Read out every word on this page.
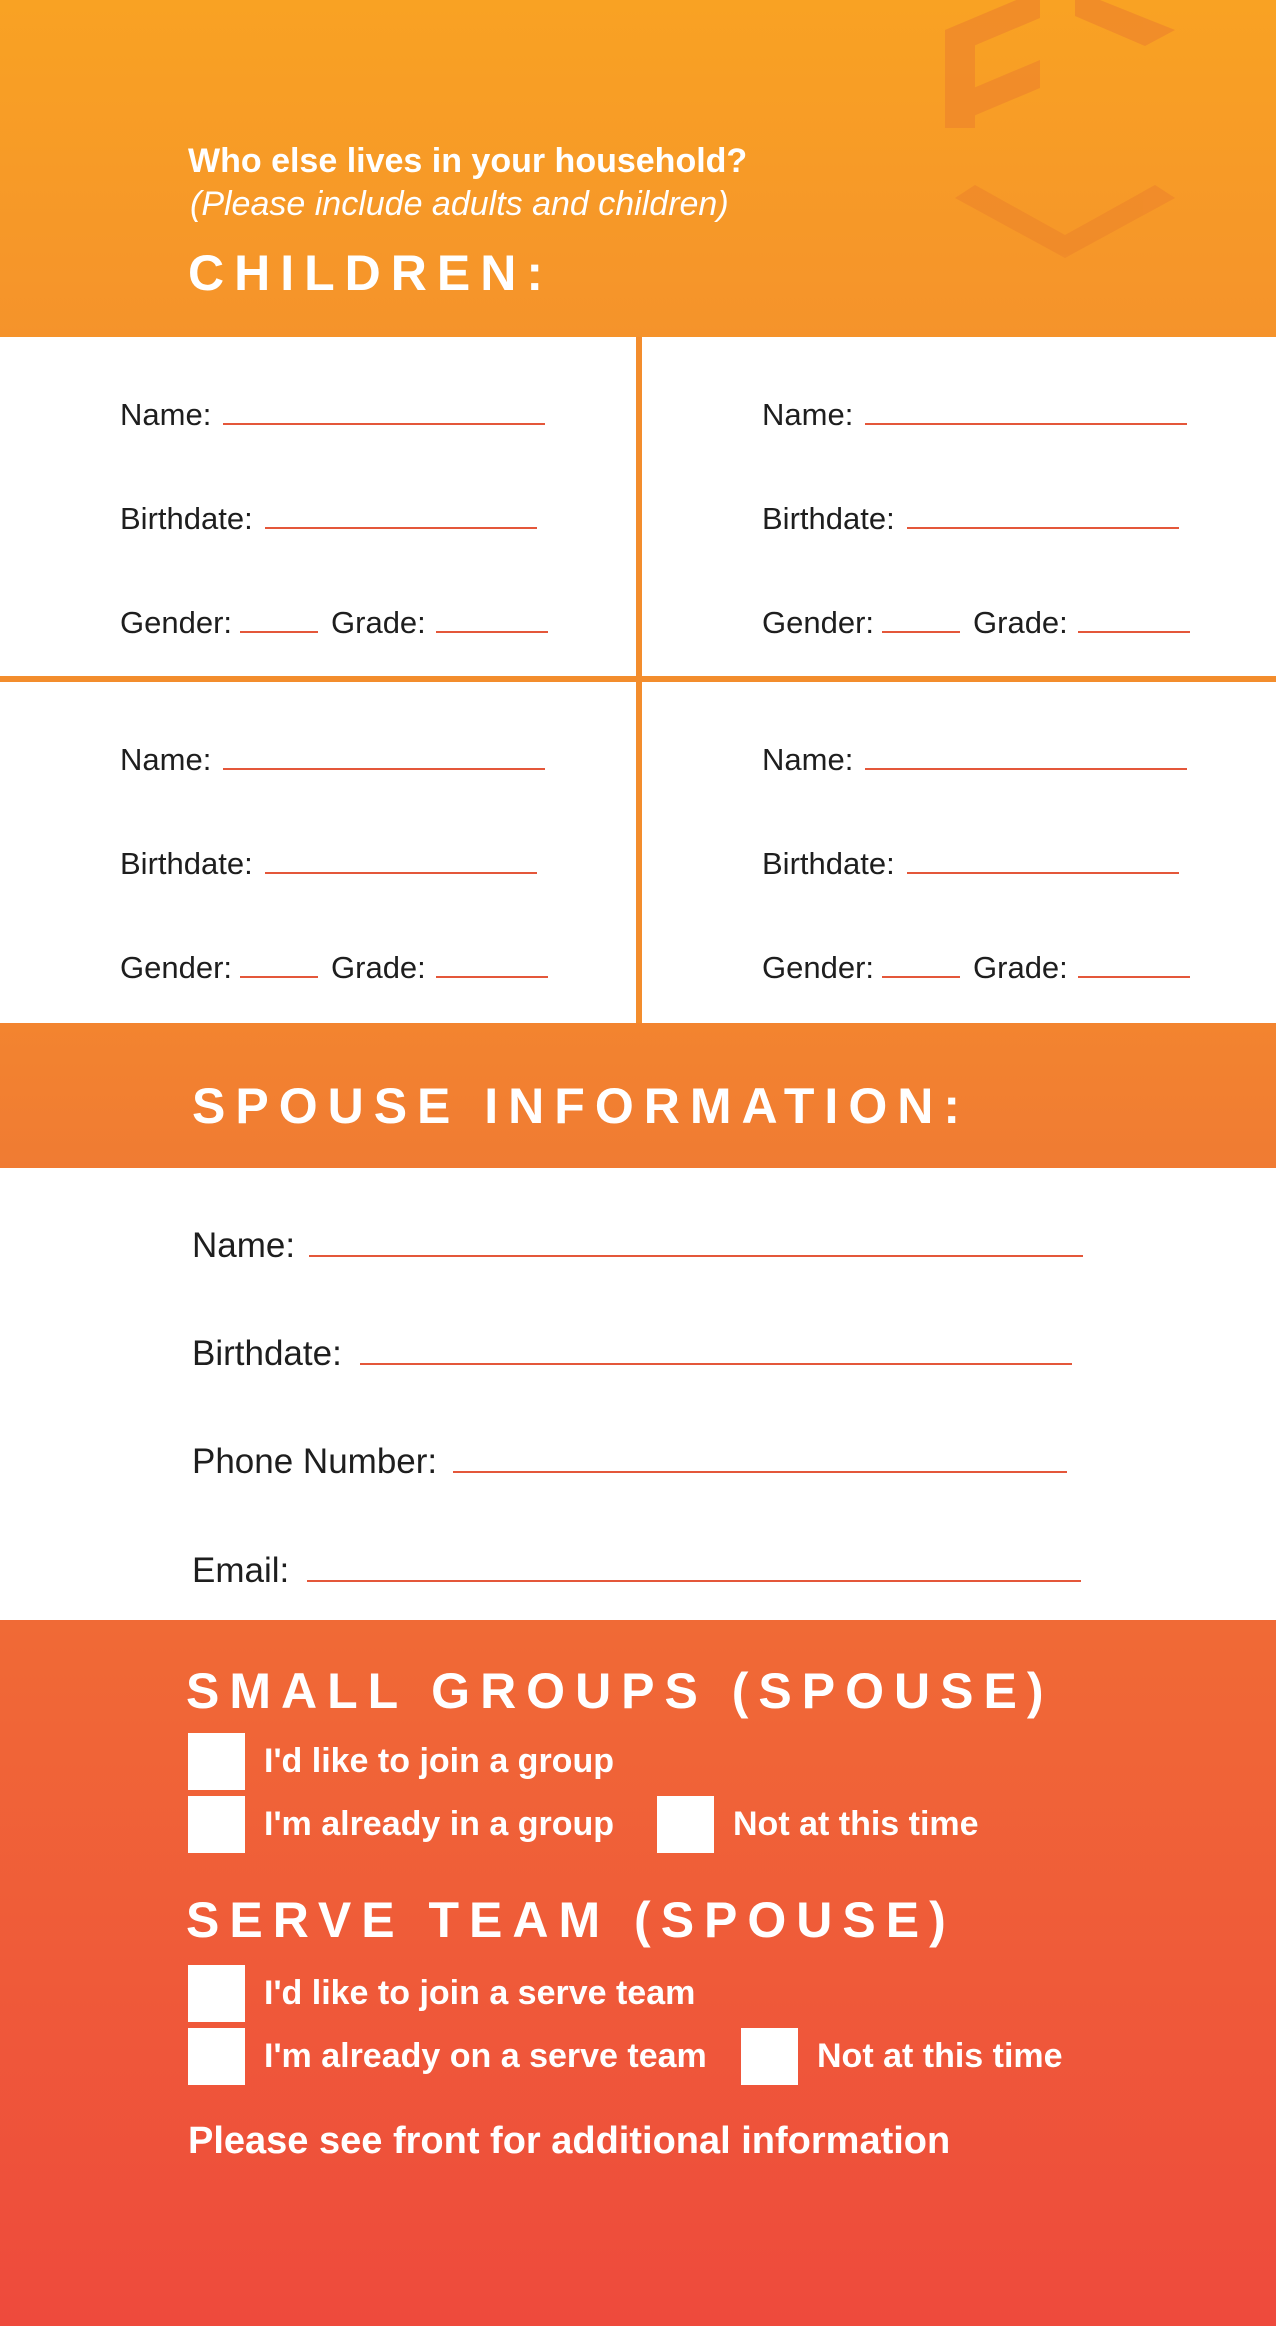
Who else lives in your household?

(Please include adults and children)

CHILDREN:
Name:
Birthdate:
Gender:	Grade:
Name:
Birthdate:
Gender:	Grade:
Name:
Birthdate:
Gender:	Grade:
Name:
Birthdate:
Gender:	Grade:
SPOUSE INFORMATION:
Name:
Birthdate:
Phone Number:
Email:
SMALL GROUPS (SPOUSE)
I'd like to join a group
I'm already in a group	Not at this time
SERVE TEAM (SPOUSE)
I'd like to join a serve team
I'm already on a serve team	Not at this time

Please see front for additional information
